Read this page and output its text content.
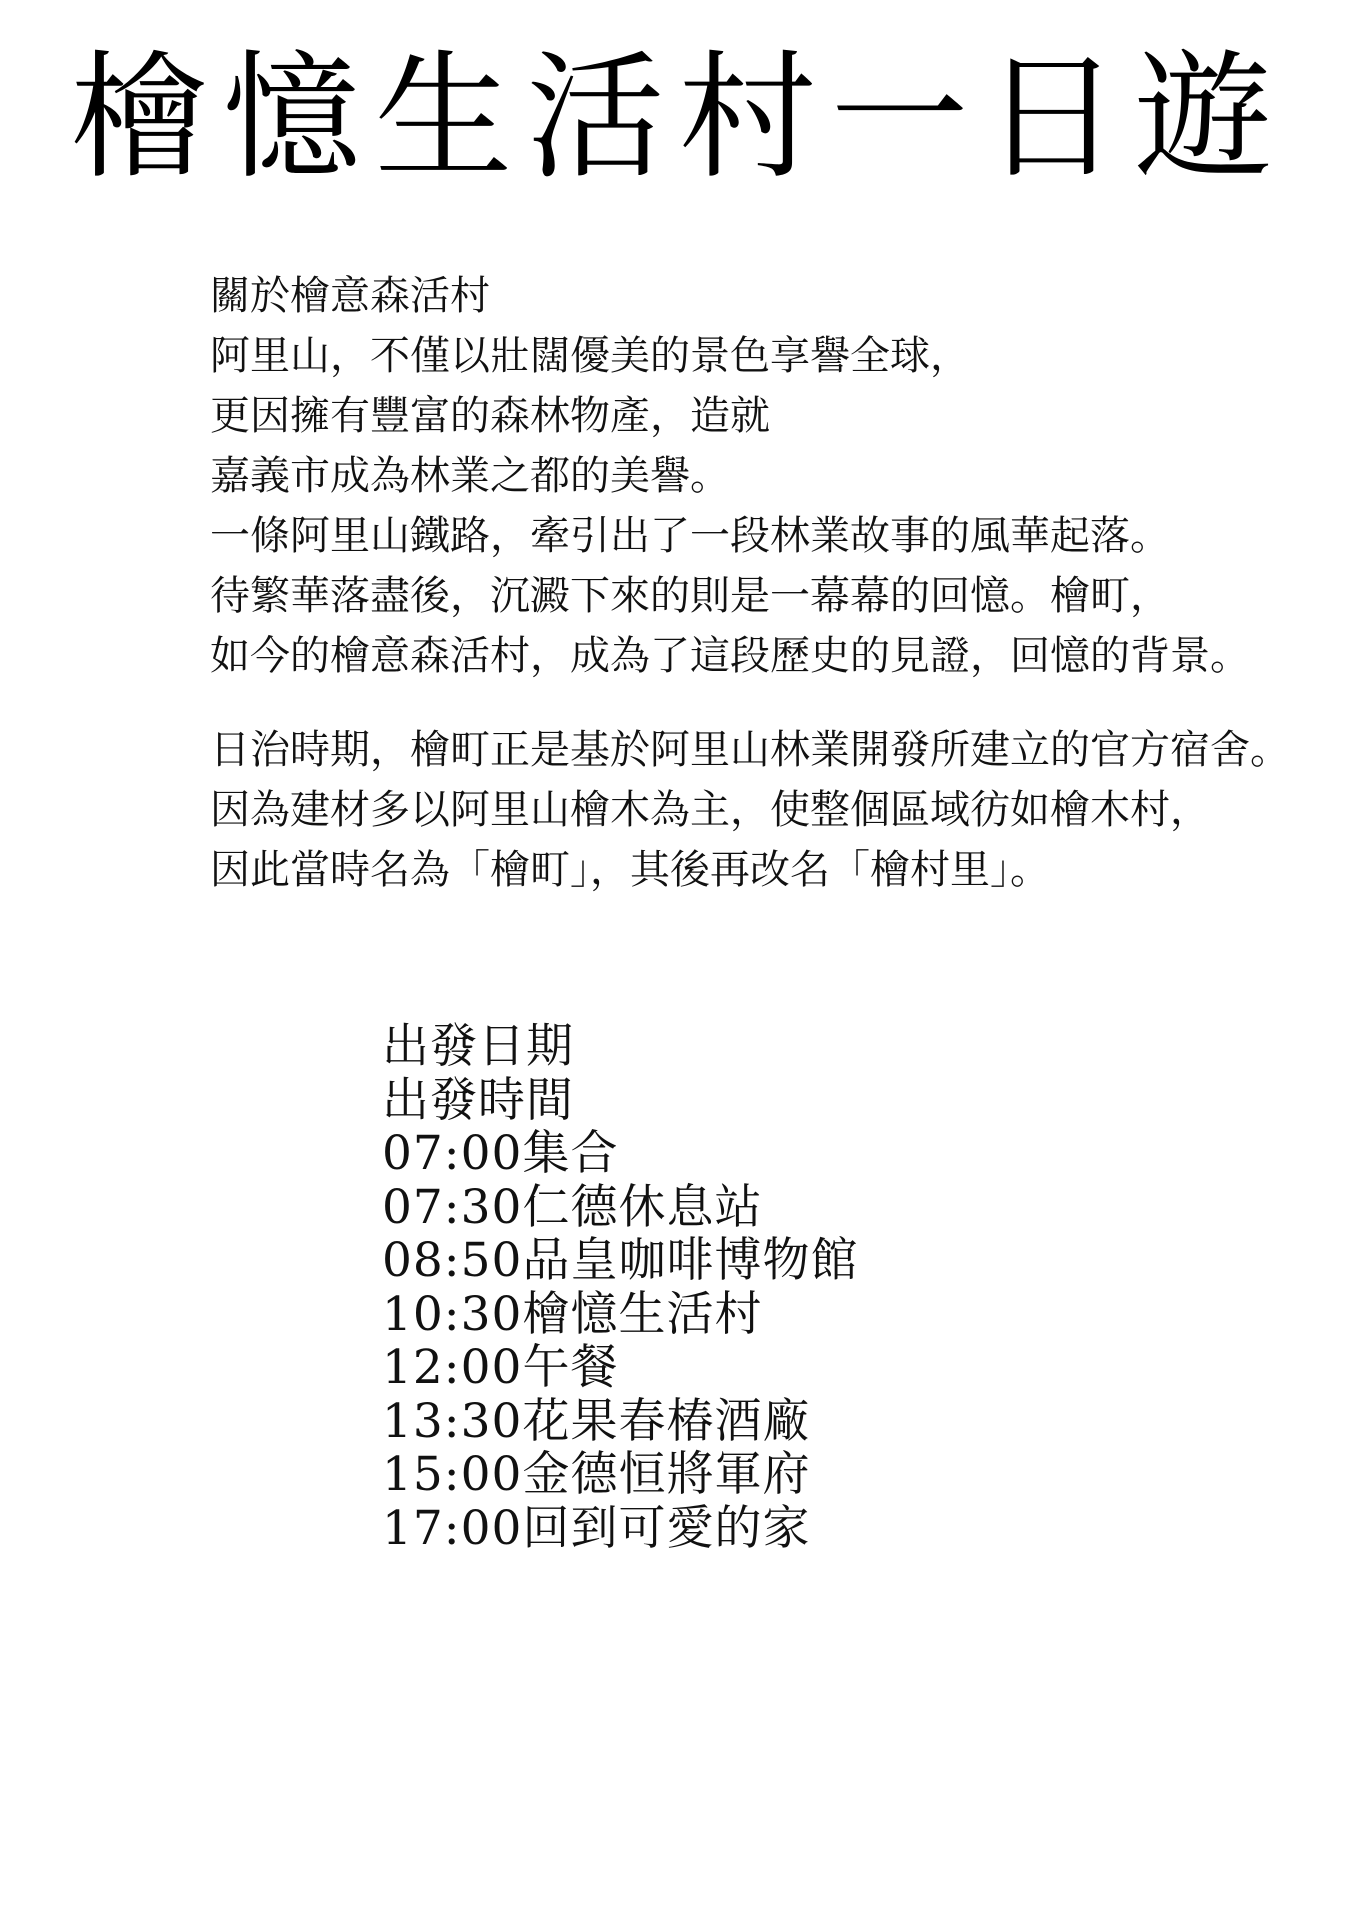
檜憶生活村一日遊

關於檜意森活村
阿里山，不僅以壯闊優美的景色享譽全球，
更因擁有豐富的森林物產，造就
嘉義市成為林業之都的美譽。
一條阿里山鐵路，牽引出了一段林業故事的風華起落。
待繁華落盡後，沉澱下來的則是一幕幕的回憶。檜町，
如今的檜意森活村，成為了這段歷史的見證，回憶的背景。

日治時期，檜町正是基於阿里山林業開發所建立的官方宿舍。
因為建材多以阿里山檜木為主，使整個區域彷如檜木村，
因此當時名為「檜町」，其後再改名「檜村里」。

出發日期
出發時間
07:00集合
07:30仁德休息站
08:50品皇咖啡博物館
10:30檜憶生活村
12:00午餐
13:30花果春椿酒廠
15:00金德恒將軍府
17:00回到可愛的家
